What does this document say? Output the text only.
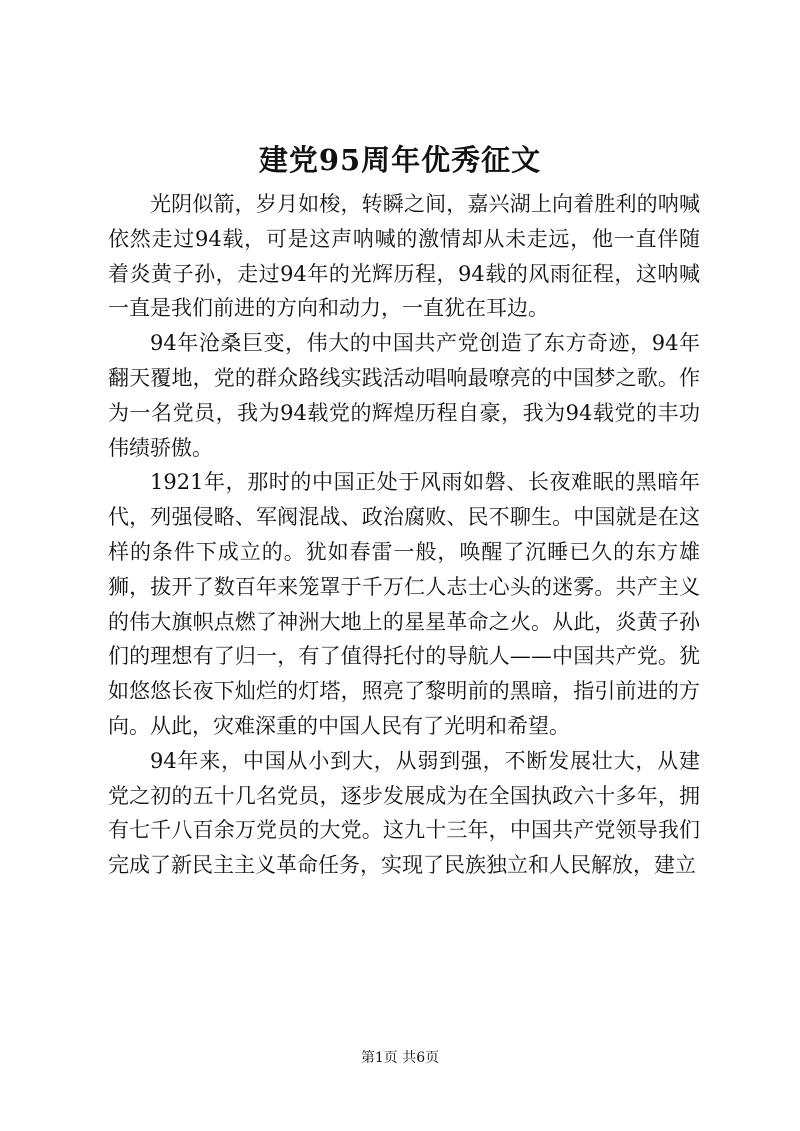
建党95周年优秀征文

光阴似箭，岁月如梭，转瞬之间，嘉兴湖上向着胜利的呐喊依然走过94载，可是这声呐喊的激情却从未走远，他一直伴随着炎黄子孙，走过94年的光辉历程，94载的风雨征程，这呐喊一直是我们前进的方向和动力，一直犹在耳边。

94年沧桑巨变，伟大的中国共产党创造了东方奇迹，94年翻天覆地，党的群众路线实践活动唱响最嘹亮的中国梦之歌。作为一名党员，我为94载党的辉煌历程自豪，我为94载党的丰功伟绩骄傲。

1921年，那时的中国正处于风雨如磐、长夜难眠的黑暗年代，列强侵略、军阀混战、政治腐败、民不聊生。中国就是在这样的条件下成立的。犹如春雷一般，唤醒了沉睡已久的东方雄狮，拔开了数百年来笼罩于千万仁人志士心头的迷雾。共产主义的伟大旗帜点燃了神洲大地上的星星革命之火。从此，炎黄子孙们的理想有了归一，有了值得托付的导航人——中国共产党。犹如悠悠长夜下灿烂的灯塔，照亮了黎明前的黑暗，指引前进的方向。从此，灾难深重的中国人民有了光明和希望。

94年来，中国从小到大，从弱到强，不断发展壮大，从建党之初的五十几名党员，逐步发展成为在全国执政六十多年，拥有七千八百余万党员的大党。这九十三年，中国共产党领导我们完成了新民主主义革命任务，实现了民族独立和人民解放，建立

第1页 共6页
